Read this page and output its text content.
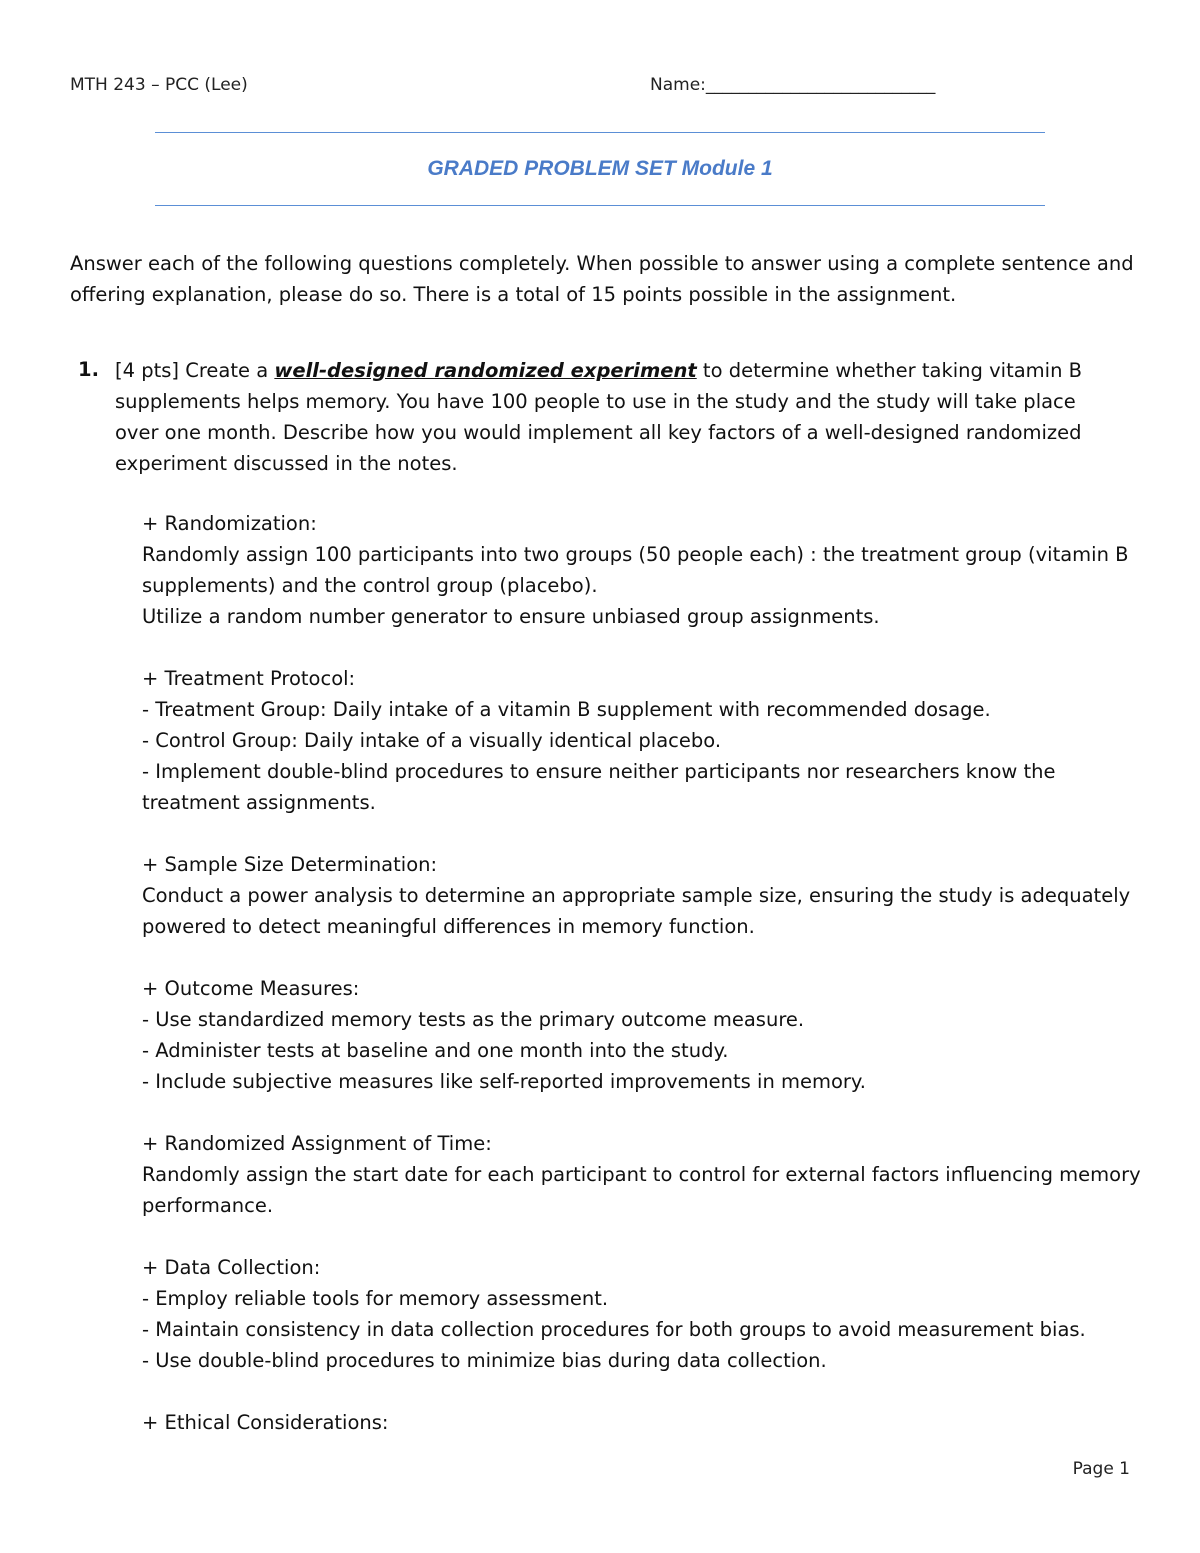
MTH 243 – PCC (Lee)	Name:___________________________
GRADED PROBLEM SET Module 1
Answer each of the following questions completely. When possible to answer using a complete sentence and offering explanation, please do so. There is a total of 15 points possible in the assignment.
1. [4 pts] Create a well-designed randomized experiment to determine whether taking vitamin B supplements helps memory. You have 100 people to use in the study and the study will take place over one month. Describe how you would implement all key factors of a well-designed randomized experiment discussed in the notes.

+ Randomization:

Randomly assign 100 participants into two groups (50 people each) : the treatment group (vitamin B supplements) and the control group (placebo).

Utilize a random number generator to ensure unbiased group assignments.

+ Treatment Protocol:

- Treatment Group: Daily intake of a vitamin B supplement with recommended dosage.

- Control Group: Daily intake of a visually identical placebo.

- Implement double-blind procedures to ensure neither participants nor researchers know the treatment assignments.

+ Sample Size Determination:

Conduct a power analysis to determine an appropriate sample size, ensuring the study is adequately powered to detect meaningful differences in memory function.

+ Outcome Measures:

- Use standardized memory tests as the primary outcome measure.

- Administer tests at baseline and one month into the study.

- Include subjective measures like self-reported improvements in memory.

+ Randomized Assignment of Time:

Randomly assign the start date for each participant to control for external factors influencing memory performance.

+ Data Collection:

- Employ reliable tools for memory assessment.

- Maintain consistency in data collection procedures for both groups to avoid measurement bias.

- Use double-blind procedures to minimize bias during data collection.

+ Ethical Considerations:

Page 1
